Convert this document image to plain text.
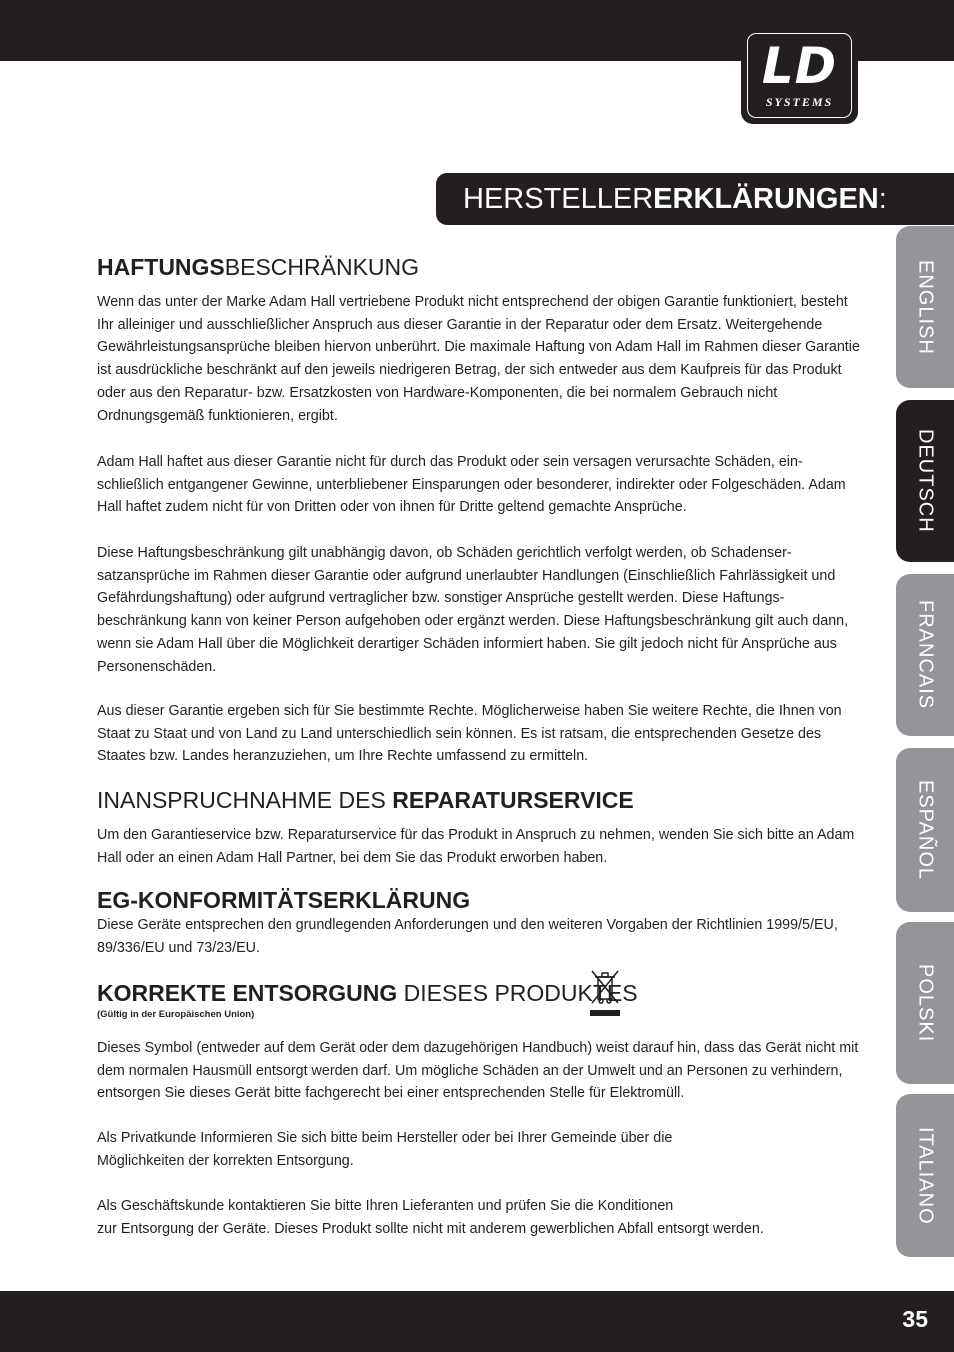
LD
SYSTEMS
HERSTELLERERKLÄRUNGEN:
ENGLISH
DEUTSCH
FRANCAIS
ESPAÑOL
POLSKI
ITALIANO
HAFTUNGSBESCHRÄNKUNG
Wenn das unter der Marke Adam Hall vertriebene Produkt nicht entsprechend der obigen Garantie funktioniert, besteht Ihr alleiniger und ausschließlicher Anspruch aus dieser Garantie in der Reparatur oder dem Ersatz. Weitergehende Gewährleistungsansprüche bleiben hiervon unberührt. Die maximale Haftung von Adam Hall im Rahmen dieser Garantie ist ausdrückliche beschränkt auf den jeweils niedrigeren Betrag, der sich entweder aus dem Kaufpreis für das Produkt oder aus den Reparatur- bzw. Ersatzkosten von Hardware-Komponenten, die bei normalem Gebrauch nicht Ordnungsgemäß funktionieren, ergibt.
Adam Hall haftet aus dieser Garantie nicht für durch das Produkt oder sein versagen verursachte Schäden, ein-schließlich entgangener Gewinne, unterbliebener Einsparungen oder besonderer, indirekter oder Folgeschäden. Adam Hall haftet zudem nicht für von Dritten oder von ihnen für Dritte geltend gemachte Ansprüche.
Diese Haftungsbeschränkung gilt unabhängig davon, ob Schäden gerichtlich verfolgt werden, ob Schadenser-satzansprüche im Rahmen dieser Garantie oder aufgrund unerlaubter Handlungen (Einschließlich Fahrlässigkeit und Gefährdungshaftung) oder aufgrund vertraglicher bzw. sonstiger Ansprüche gestellt werden. Diese Haftungs-beschränkung kann von keiner Person aufgehoben oder ergänzt werden. Diese Haftungsbeschränkung gilt auch dann, wenn sie Adam Hall über die Möglichkeit derartiger Schäden informiert haben. Sie gilt jedoch nicht für Ansprüche aus Personenschäden.
Aus dieser Garantie ergeben sich für Sie bestimmte Rechte. Möglicherweise haben Sie weitere Rechte, die Ihnen von Staat zu Staat und von Land zu Land unterschiedlich sein können. Es ist ratsam, die entsprechenden Gesetze des Staates bzw. Landes heranzuziehen, um Ihre Rechte umfassend zu ermitteln.
INANSPRUCHNAHME DES REPARATURSERVICE
Um den Garantieservice bzw. Reparaturservice für das Produkt in Anspruch zu nehmen, wenden Sie sich bitte an Adam Hall oder an einen Adam Hall Partner, bei dem Sie das Produkt erworben haben.
EG-KONFORMITÄTSERKLÄRUNG
Diese Geräte entsprechen den grundlegenden Anforderungen und den weiteren Vorgaben der Richtlinien 1999/5/EU, 89/336/EU und 73/23/EU.
KORREKTE ENTSORGUNG DIESES PRODUKTES
(Gültig in der Europäischen Union)
Dieses Symbol (entweder auf dem Gerät oder dem dazugehörigen Handbuch) weist darauf hin, dass das Gerät nicht mit dem normalen Hausmüll entsorgt werden darf. Um mögliche Schäden an der Umwelt und an Personen zu verhindern, entsorgen Sie dieses Gerät bitte fachgerecht bei einer entsprechenden Stelle für Elektromüll.
Als Privatkunde Informieren Sie sich bitte beim Hersteller oder bei Ihrer Gemeinde über die
Möglichkeiten der korrekten Entsorgung.
Als Geschäftskunde kontaktieren Sie bitte Ihren Lieferanten und prüfen Sie die Konditionen
zur Entsorgung der Geräte. Dieses Produkt sollte nicht mit anderem gewerblichen Abfall entsorgt werden.
35
